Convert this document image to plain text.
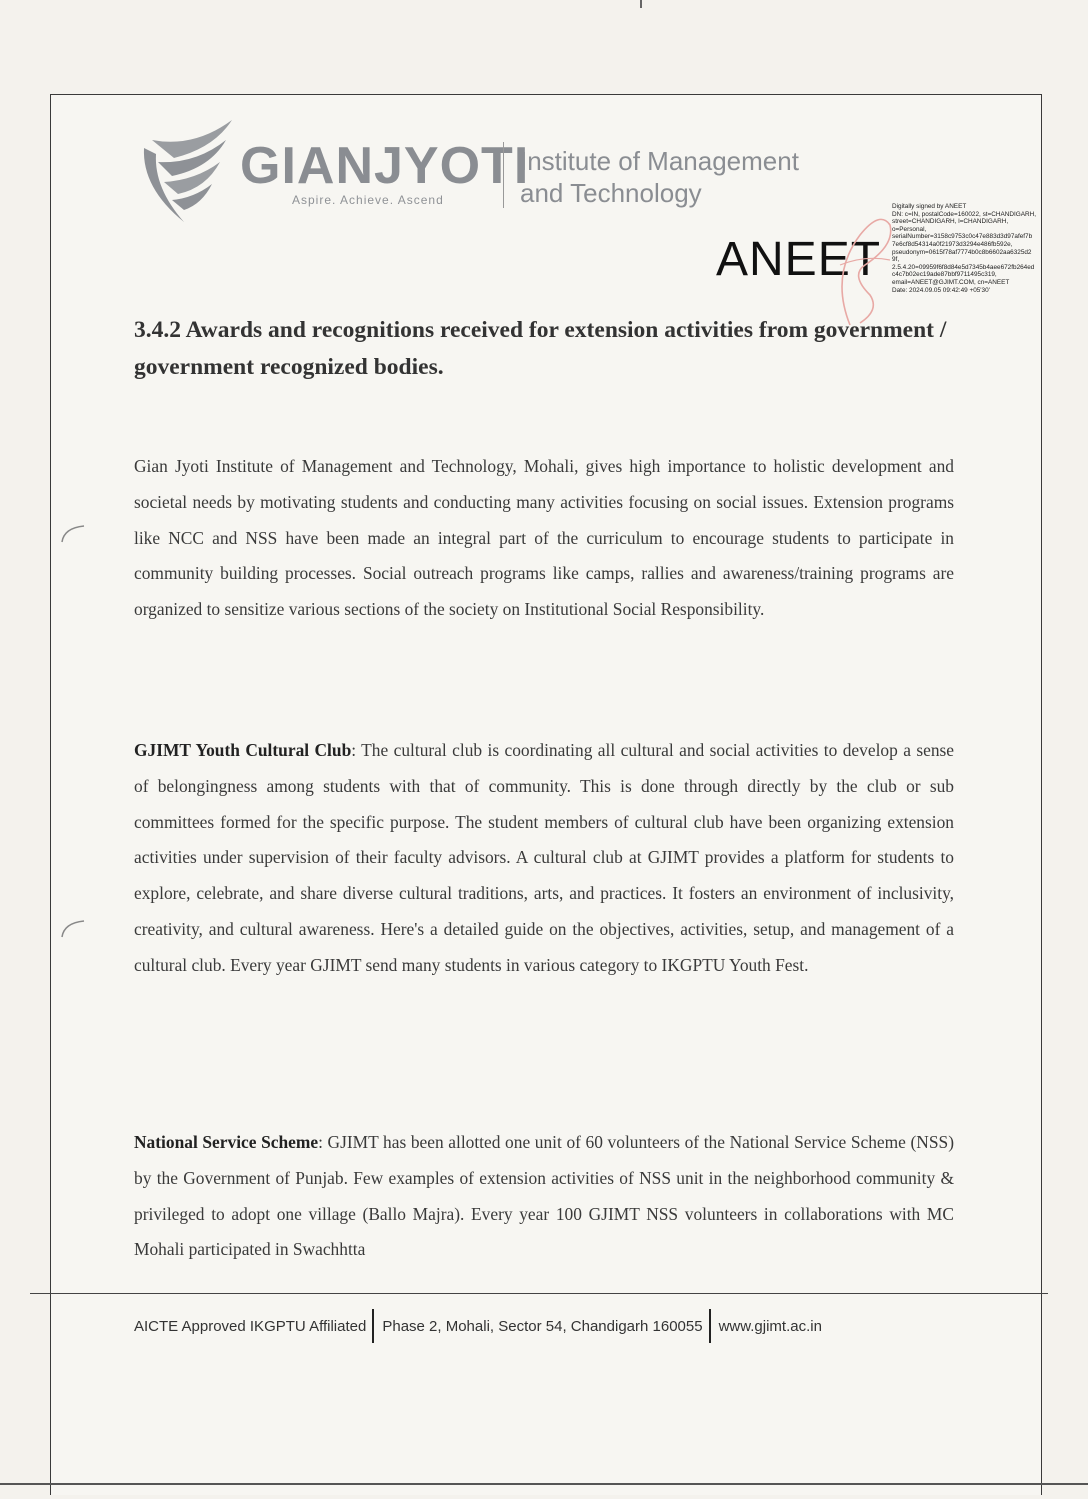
GIANJYOTI
Aspire. Achieve. Ascend
Institute of Management
and Technology
ANEET
Digitally signed by ANEET
DN: c=IN, postalCode=160022, st=CHANDIGARH,
street=CHANDIGARH, l=CHANDIGARH,
o=Personal,
serialNumber=3158c9753c0c47e883d3d97afef7b
7e6cf8d54314a0f21973d3294e486fb592e,
pseudonym=0615f78af7774b0c8b6602aa6325d2
9f,
2.5.4.20=09959f6f8d84e5d7345b4aee672fb264ed
c4c7b02ec19ade87bbf9711495c319,
email=ANEET@GJIMT.COM, cn=ANEET
Date: 2024.09.05 09:42:49 +05'30'
3.4.2 Awards and recognitions received for extension activities from government / government recognized bodies.
Gian Jyoti Institute of Management and Technology, Mohali, gives high importance to holistic development and societal needs by motivating students and conducting many activities focusing on social issues. Extension programs like NCC and NSS have been made an integral part of the curriculum to encourage students to participate in community building processes. Social outreach programs like camps, rallies and awareness/training programs are organized to sensitize various sections of the society on Institutional Social Responsibility.
GJIMT Youth Cultural Club: The cultural club is coordinating all cultural and social activities to develop a sense of belongingness among students with that of community. This is done through directly by the club or sub committees formed for the specific purpose. The student members of cultural club have been organizing extension activities under supervision of their faculty advisors. A cultural club at GJIMT provides a platform for students to explore, celebrate, and share diverse cultural traditions, arts, and practices. It fosters an environment of inclusivity, creativity, and cultural awareness. Here's a detailed guide on the objectives, activities, setup, and management of a cultural club. Every year GJIMT send many students in various category to IKGPTU Youth Fest.
National Service Scheme: GJIMT has been allotted one unit of 60 volunteers of the National Service Scheme (NSS) by the Government of Punjab. Few examples of extension activities of NSS unit in the neighborhood community & privileged to adopt one village (Ballo Majra). Every year 100 GJIMT NSS volunteers in collaborations with MC Mohali participated in Swachhtta
AICTE Approved IKGPTU Affiliated Phase 2, Mohali, Sector 54, Chandigarh 160055 www.gjimt.ac.in
